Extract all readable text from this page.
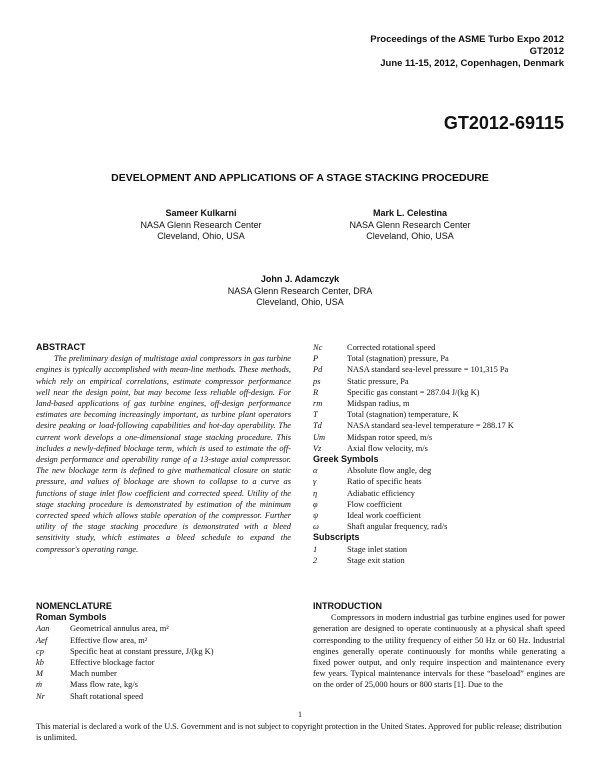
Proceedings of the ASME Turbo Expo 2012
GT2012
June 11-15, 2012, Copenhagen, Denmark
GT2012-69115
DEVELOPMENT AND APPLICATIONS OF A STAGE STACKING PROCEDURE
Sameer Kulkarni
NASA Glenn Research Center
Cleveland, Ohio, USA
Mark L. Celestina
NASA Glenn Research Center
Cleveland, Ohio, USA
John J. Adamczyk
NASA Glenn Research Center, DRA
Cleveland, Ohio, USA
ABSTRACT

The preliminary design of multistage axial compressors in gas turbine engines is typically accomplished with mean-line methods. These methods, which rely on empirical correlations, estimate compressor performance well near the design point, but may become less reliable off-design. For land-based applications of gas turbine engines, off-design performance estimates are becoming increasingly important, as turbine plant operators desire peaking or load-following capabilities and hot-day operability. The current work develops a one-dimensional stage stacking procedure. This includes a newly-defined blockage term, which is used to estimate the off-design performance and operability range of a 13-stage axial compressor. The new blockage term is defined to give mathematical closure on static pressure, and values of blockage are shown to collapse to a curve as functions of stage inlet flow coefficient and corrected speed. Utility of the stage stacking procedure is demonstrated by estimation of the minimum corrected speed which allows stable operation of the compressor. Further utility of the stage stacking procedure is demonstrated with a bleed sensitivity study, which estimates a bleed schedule to expand the compressor's operating range.

NOMENCLATURE
Roman Symbols
Aan	Geometrical annulus area, m²
Aef	Effective flow area, m²
cp	Specific heat at constant pressure, J/(kg K)
kb	Effective blockage factor
M	Mach number
ṁ	Mass flow rate, kg/s
Nr	Shaft rotational speed
Nc	Corrected rotational speed
P	Total (stagnation) pressure, Pa
Pd	NASA standard sea-level pressure = 101,315 Pa
ps	Static pressure, Pa
R	Specific gas constant = 287.04 J/(kg K)
rm	Midspan radius, m
T	Total (stagnation) temperature, K
Td	NASA standard sea-level temperature = 288.17 K
Um	Midspan rotor speed, m/s
Vz	Axial flow velocity, m/s
Greek Symbols
α	Absolute flow angle, deg
γ	Ratio of specific heats
η	Adiabatic efficiency
φ	Flow coefficient
ψ	Ideal work coefficient
ω	Shaft angular frequency, rad/s
Subscripts
1	Stage inlet station
2	Stage exit station
INTRODUCTION

Compressors in modern industrial gas turbine engines used for power generation are designed to operate continuously at a physical shaft speed corresponding to the utility frequency of either 50 Hz or 60 Hz. Industrial engines generally operate continuously for months while generating a fixed power output, and only require inspection and maintenance every few years. Typical maintenance intervals for these “baseload” engines are on the order of 25,000 hours or 800 starts [1]. Due to the

1
This material is declared a work of the U.S. Government and is not subject to copyright protection in the United States. Approved for public release; distribution is unlimited.
